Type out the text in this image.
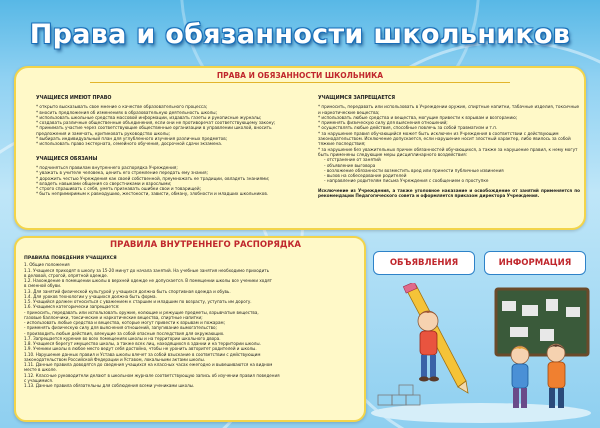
Права и обязанности школьников
ПРАВА И ОБЯЗАННОСТИ ШКОЛЬНИКА
УЧАЩИЕСЯ ИМЕЮТ ПРАВО
* открыто высказывать свое мнение о качестве образовательного процесса;
* вносить предложения об изменениях в образовательную деятельность школы;
* использовать школьные средства массовой информации, издавать газеты и рукописные журналы;
* создавать различные общественные объединения, если они не противоречат соответствующему закону;
* принимать участие через соответствующие общественные организации в управлении школой, вносить
предложения и замечать, критиковать руководство школы;
* выбирать индивидуальный план для углубленного изучения различных предметов;
* использовать право экстерната, семейного обучения, досрочной сдачи экзамена.
УЧАЩИЕСЯ ОБЯЗАНЫ
* подчиняться правилам внутреннего распорядка Учреждения;
* уважать в учителе человека, ценить его стремление передать ему знания;
* дорожить честью Учреждения как своей собственной, преумножать ее традиции, овладеть знаниями;
* владеть навыками общения со сверстниками и взрослыми;
* строго спрашивать с себя, уметь признавать ошибки свои и товарищей;
* быть непримиримым к равнодушию, жестокости, зависти, обману, злобности и младших школьников.
УЧАЩИМСЯ ЗАПРЕЩАЕТСЯ
* приносить, передавать или использовать в Учреждении оружие, спиртные напитки, табачные изделия, токсичные и наркотические вещества;
* использовать любые средства и вещества, могущие привести к взрывам и возгоранию;
* применять физическую силу для выяснения отношений;
* осуществлять любые действия, способные повлечь за собой травматизм и т.п.
* за нарушение правил обучающийся может быть исключен из Учреждения в соответствии с действующим законодательством. Исключение допускается, если нарушение носит злостный характер, либо явилось за собой тяжкие последствия;
* за нарушение без уважительных причин обязанностей обучающихся, а также за нарушение правил, к нему могут быть применены следующие меры дисциплинарного воздействия:
- отстранение от занятий
- объявление выговора
- возложение обязанности возместить вред или принести публичные извинения
- вызов на собеседование родителей
- направление родителям письма Учреждения с сообщением о проступке
Исключение из Учреждения, а также уголовное наказание и освобождение от занятий применяется по рекомендации Педагогического совета и оформляется приказом директора Учреждения.
ПРАВИЛА ВНУТРЕННЕГО РАСПОРЯДКА
ПРАВИЛА ПОВЕДЕНИЯ УЧАЩИХСЯ
1. Общие положения
1.1. Учащиеся приходят в школу за 15-20 минут до начала занятий. На учебные занятия необходимо приходить
в деловой, строгой, опрятной одежде.
1.2. Нахождение в помещении школы в верхней одежде не допускается. В помещении школы все ученики ходят
в сменной обуви.
1.3. Для занятий физической культурой у учащихся должна быть спортивная одежда и обувь.
1.4. Для уроков технологии у учащихся должна быть форма.
1.5. Учащийся должен относиться с уважением к старшим и младшим по возрасту, уступать им дорогу.
1.6. Учащимся категорически запрещается:
- приносить, передавать или использовать оружие, колющие и режущие предметы, взрывчатые вещества,
газовые баллончики, токсические и наркотические вещества, спиртные напитки;
- использовать любые средства и вещества, которые могут привести к взрывам и пожарам;
- применять физическую силу для выяснения отношений, запугивание вымогательство;
- производить любые действия, влекущие за собой опасные последствия для окружающих.
1.7. Запрещается курение во всех помещениях школы и на территории школьного двора.
1.8. Учащиеся берегут имущество школы, а также всех лиц, находящихся в здании и на территории школы.
1.9. Ученики школы в любое место ведут себя достойно, чтобы не уронить авторитет родителей и школы.
1.10. Нарушение данных правил и Устава школы влечет за собой взыскание в соответствии с действующим
законодательством Российской Федерации и Уставом, локальными актами школы.
1.11. Данные правила доводятся до сведения учащихся на классных часах ежегодно и вывешиваются на видном
месте в школе.
1.12. Классные руководители делают в школьном журнале соответствующую запись об изучении правил поведения
с учащимися.
1.13. Данные правила обязательны для соблюдения всеми учениками школы.
ОБЪЯВЛЕНИЯ	ИНФОРМАЦИЯ
